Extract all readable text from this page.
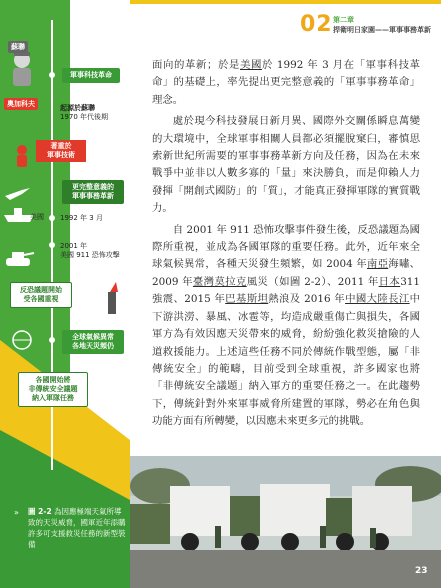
02 第二章
捍衛明日家園——軍事事務革新
蘇聯
奧加科夫
軍事科技革命
起源於蘇聯
1970 年代後期
著重於
軍事技術
更完整意義的
軍事事務革新
美國 1992 年 3 月
2001 年
美國 911 恐怖攻擊
反恐議題開始
受各國重視
全球氣候異常
各地天災頻仍
各國開始將
非傳統安全議題
納入軍隊任務

面向的革新；於是美國於 1992 年 3 月在「軍事科技革命」的基礎上，率先提出更完整意義的「軍事事務革命」理念。

處於現今科技發展日新月異、國際外交關係瞬息萬變的大環境中，全球軍事相關人員都必須擺脫窠臼，審慎思索新世紀所需要的軍事事務革新方向及任務，因為在未來戰爭中並非以人數多寡的「量」來決勝負，而是仰賴人力發揮「開創式國防」的「質」，才能真正發揮軍隊的實質戰力。

自 2001 年 911 恐怖攻擊事件發生後，反恐議題為國際所重視，並成為各國軍隊的重要任務。此外，近年來全球氣候異常，各種天災發生頻繁，如 2004 年南亞海嘯、2009 年臺灣莫拉克風災（如圖 2-2）、2011 年日本311 強震、2015 年巴基斯坦熱浪及 2016 年中國大陸長江中下游洪澇、暴風、冰雹等，均造成嚴重傷亡與損失，各國軍方為有效因應天災帶來的威脅，紛紛強化救災搶險的人道救援能力。上述這些任務不同於傳統作戰型態，屬「非傳統安全」的範疇，目前受到全球重視，許多國家也將「非傳統安全議題」納入軍方的重要任務之一。在此趨勢下，傳統針對外來軍事威脅所建置的軍隊，勢必在角色與功能方面有所轉變，以因應未來更多元的挑戰。

» 圖 2-2 為因應極端天氣所導致的天災威脅，國軍近年添購許多可支援救災任務的新型裝備
23
